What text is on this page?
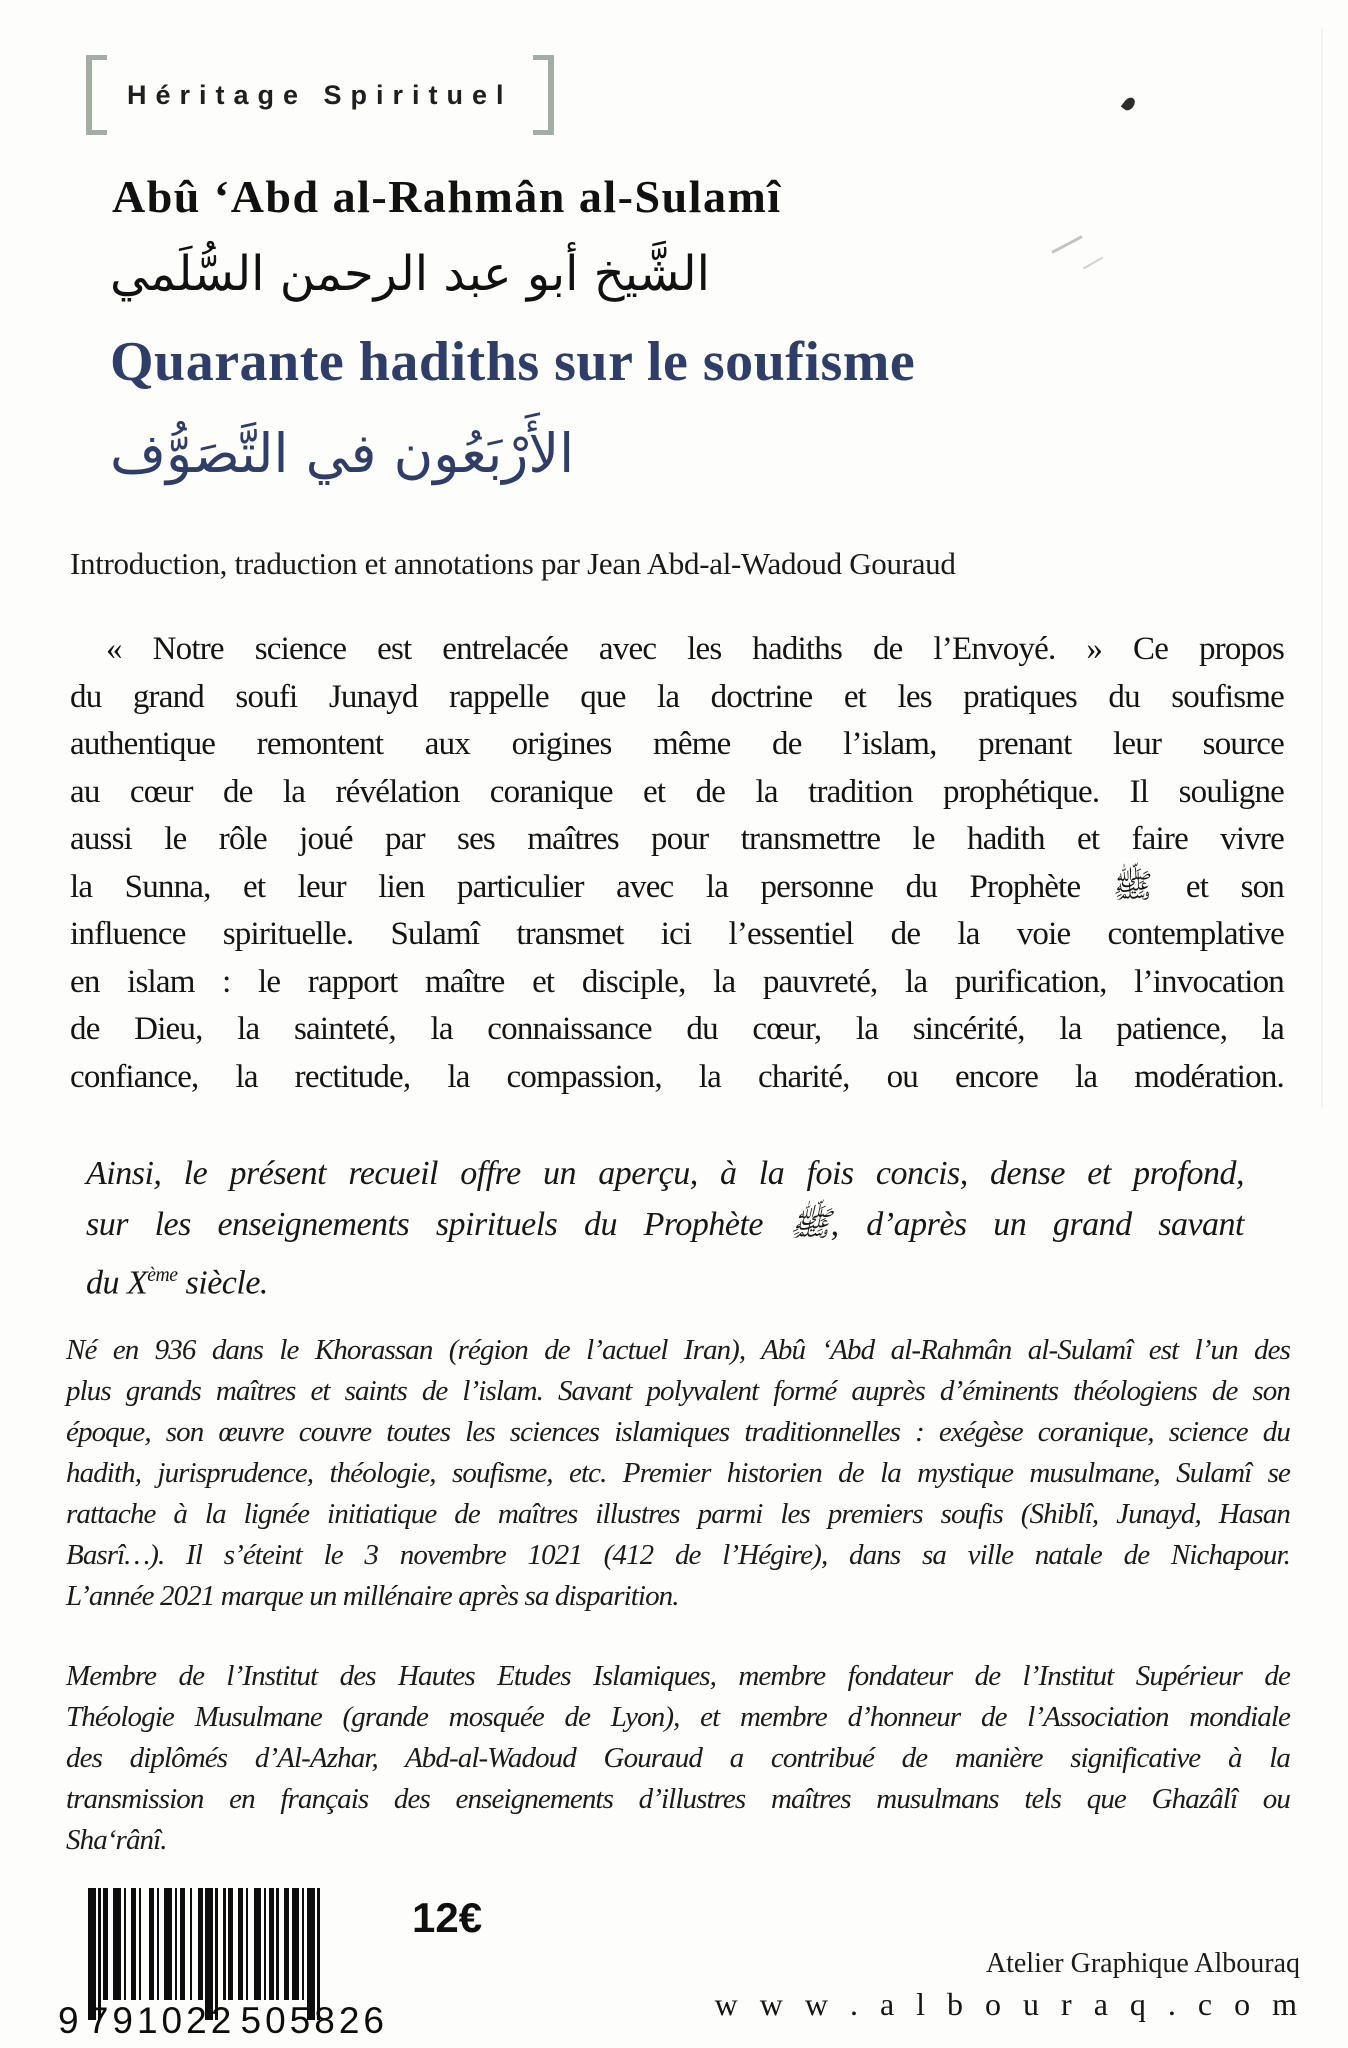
Héritage Spirituel
Abû ‘Abd al-Rahmân al-Sulamî
الشَّيخ أبو عبد الرحمن السُّلَمي
Quarante hadiths sur le soufisme
الأَرْبَعُون في التَّصَوُّف
Introduction, traduction et annotations par Jean Abd-al-Wadoud Gouraud
« Notre science est entrelacée avec les hadiths de l’Envoyé. » Ce propos
du grand soufi Junayd rappelle que la doctrine et les pratiques du soufisme
authentique remontent aux origines même de l’islam, prenant leur source
au cœur de la révélation coranique et de la tradition prophétique. Il souligne
aussi le rôle joué par ses maîtres pour transmettre le hadith et faire vivre
la Sunna, et leur lien particulier avec la personne du Prophète ﷺ et son
influence spirituelle. Sulamî transmet ici l’essentiel de la voie contemplative
en islam : le rapport maître et disciple, la pauvreté, la purification, l’invocation
de Dieu, la sainteté, la connaissance du cœur, la sincérité, la patience, la
confiance, la rectitude, la compassion, la charité, ou encore la modération.
Ainsi, le présent recueil offre un aperçu, à la fois concis, dense et profond,
sur les enseignements spirituels du Prophète ﷺ, d’après un grand savant
du Xème siècle.
Né en 936 dans le Khorassan (région de l’actuel Iran), Abû ‘Abd al-Rahmân al-Sulamî est l’un des
plus grands maîtres et saints de l’islam. Savant polyvalent formé auprès d’éminents théologiens de son
époque, son œuvre couvre toutes les sciences islamiques traditionnelles : exégèse coranique, science du
hadith, jurisprudence, théologie, soufisme, etc. Premier historien de la mystique musulmane, Sulamî se
rattache à la lignée initiatique de maîtres illustres parmi les premiers soufis (Shiblî, Junayd, Hasan
Basrî…). Il s’éteint le 3 novembre 1021 (412 de l’Hégire), dans sa ville natale de Nichapour.
L’année 2021 marque un millénaire après sa disparition.
Membre de l’Institut des Hautes Etudes Islamiques, membre fondateur de l’Institut Supérieur de
Théologie Musulmane (grande mosquée de Lyon), et membre d’honneur de l’Association mondiale
des diplômés d’Al-Azhar, Abd-al-Wadoud Gouraud a contribué de manière significative à la
transmission en français des enseignements d’illustres maîtres musulmans tels que Ghazâlî ou
Sha‘rânî.
9 791022 505826
12€
Atelier Graphique Albouraq
w w w . a l b o u r a q . c o m
